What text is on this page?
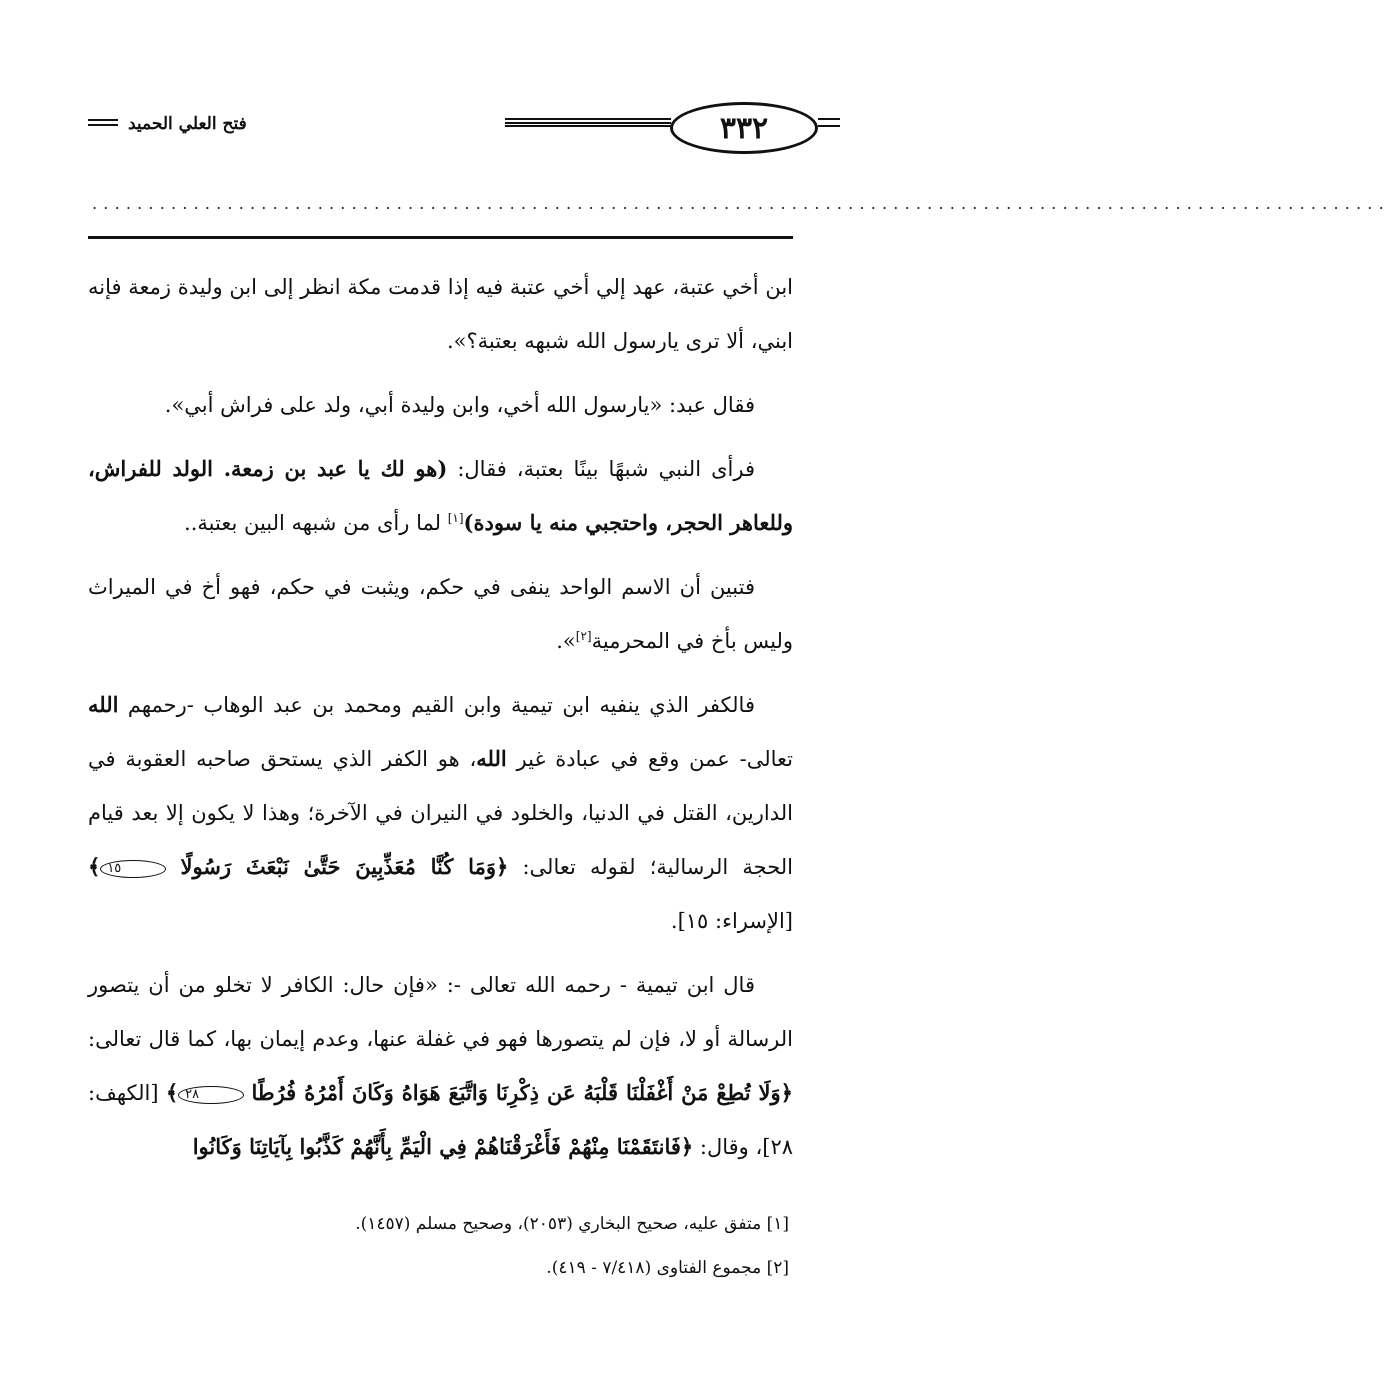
٣٣٢
فتح العلي الحميد
...................................................................................................................

ابن أخي عتبة، عهد إلي أخي عتبة فيه إذا قدمت مكة انظر إلى ابن وليدة زمعة فإنه ابني، ألا ترى يارسول الله شبهه بعتبة؟».

فقال عبد: «يارسول الله أخي، وابن وليدة أبي، ولد على فراش أبي».

فرأى النبي شبهًا بينًا بعتبة، فقال: (هو لك يا عبد بن زمعة. الولد للفراش، وللعاهر الحجر، واحتجبي منه يا سودة)[١] لما رأى من شبهه البين بعتبة..

فتبين أن الاسم الواحد ينفى في حكم، ويثبت في حكم، فهو أخ في الميراث وليس بأخ في المحرمية[٢]».

فالكفر الذي ينفيه ابن تيمية وابن القيم ومحمد بن عبد الوهاب -رحمهم الله تعالى- عمن وقع في عبادة غير الله، هو الكفر الذي يستحق صاحبه العقوبة في الدارين، القتل في الدنيا، والخلود في النيران في الآخرة؛ وهذا لا يكون إلا بعد قيام الحجة الرسالية؛ لقوله تعالى: ﴿وَمَا كُنَّا مُعَذِّبِينَ حَتَّىٰ نَبْعَثَ رَسُولًا ١٥﴾ [الإسراء: ١٥].

قال ابن تيمية - رحمه الله تعالى -: «فإن حال: الكافر لا تخلو من أن يتصور الرسالة أو لا، فإن لم يتصورها فهو في غفلة عنها، وعدم إيمان بها، كما قال تعالى: ﴿وَلَا تُطِعْ مَنْ أَغْفَلْنَا قَلْبَهُ عَن ذِكْرِنَا وَاتَّبَعَ هَوَاهُ وَكَانَ أَمْرُهُ فُرُطًا ٢٨﴾ [الكهف: ٢٨]، وقال: ﴿فَانتَقَمْنَا مِنْهُمْ فَأَغْرَقْنَاهُمْ فِي الْيَمِّ بِأَنَّهُمْ كَذَّبُوا بِآيَاتِنَا وَكَانُوا

[١] متفق عليه، صحيح البخاري (٢٠٥٣)، وصحيح مسلم (١٤٥٧).
[٢] مجموع الفتاوى (٧/٤١٨ - ٤١٩).
